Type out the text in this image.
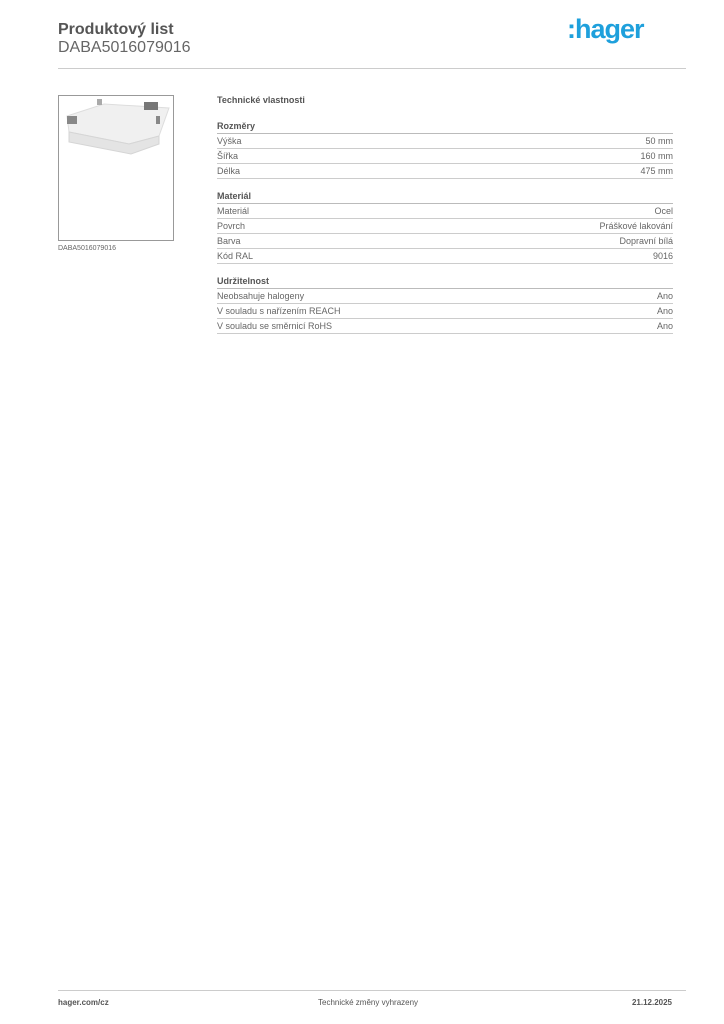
Produktový list
DABA5016079016
:hager
DABA5016079016
Technické vlastnosti
Rozměry
Výška	50 mm
Šířka	160 mm
Délka	475 mm
Materiál
Materiál	Ocel
Povrch	Práškové lakování
Barva	Dopravní bílá
Kód RAL	9016
Udržitelnost
Neobsahuje halogeny	Ano
V souladu s nařízením REACH	Ano
V souladu se směrnicí RoHS	Ano
hager.com/cz	Technické změny vyhrazeny	21.12.2025
